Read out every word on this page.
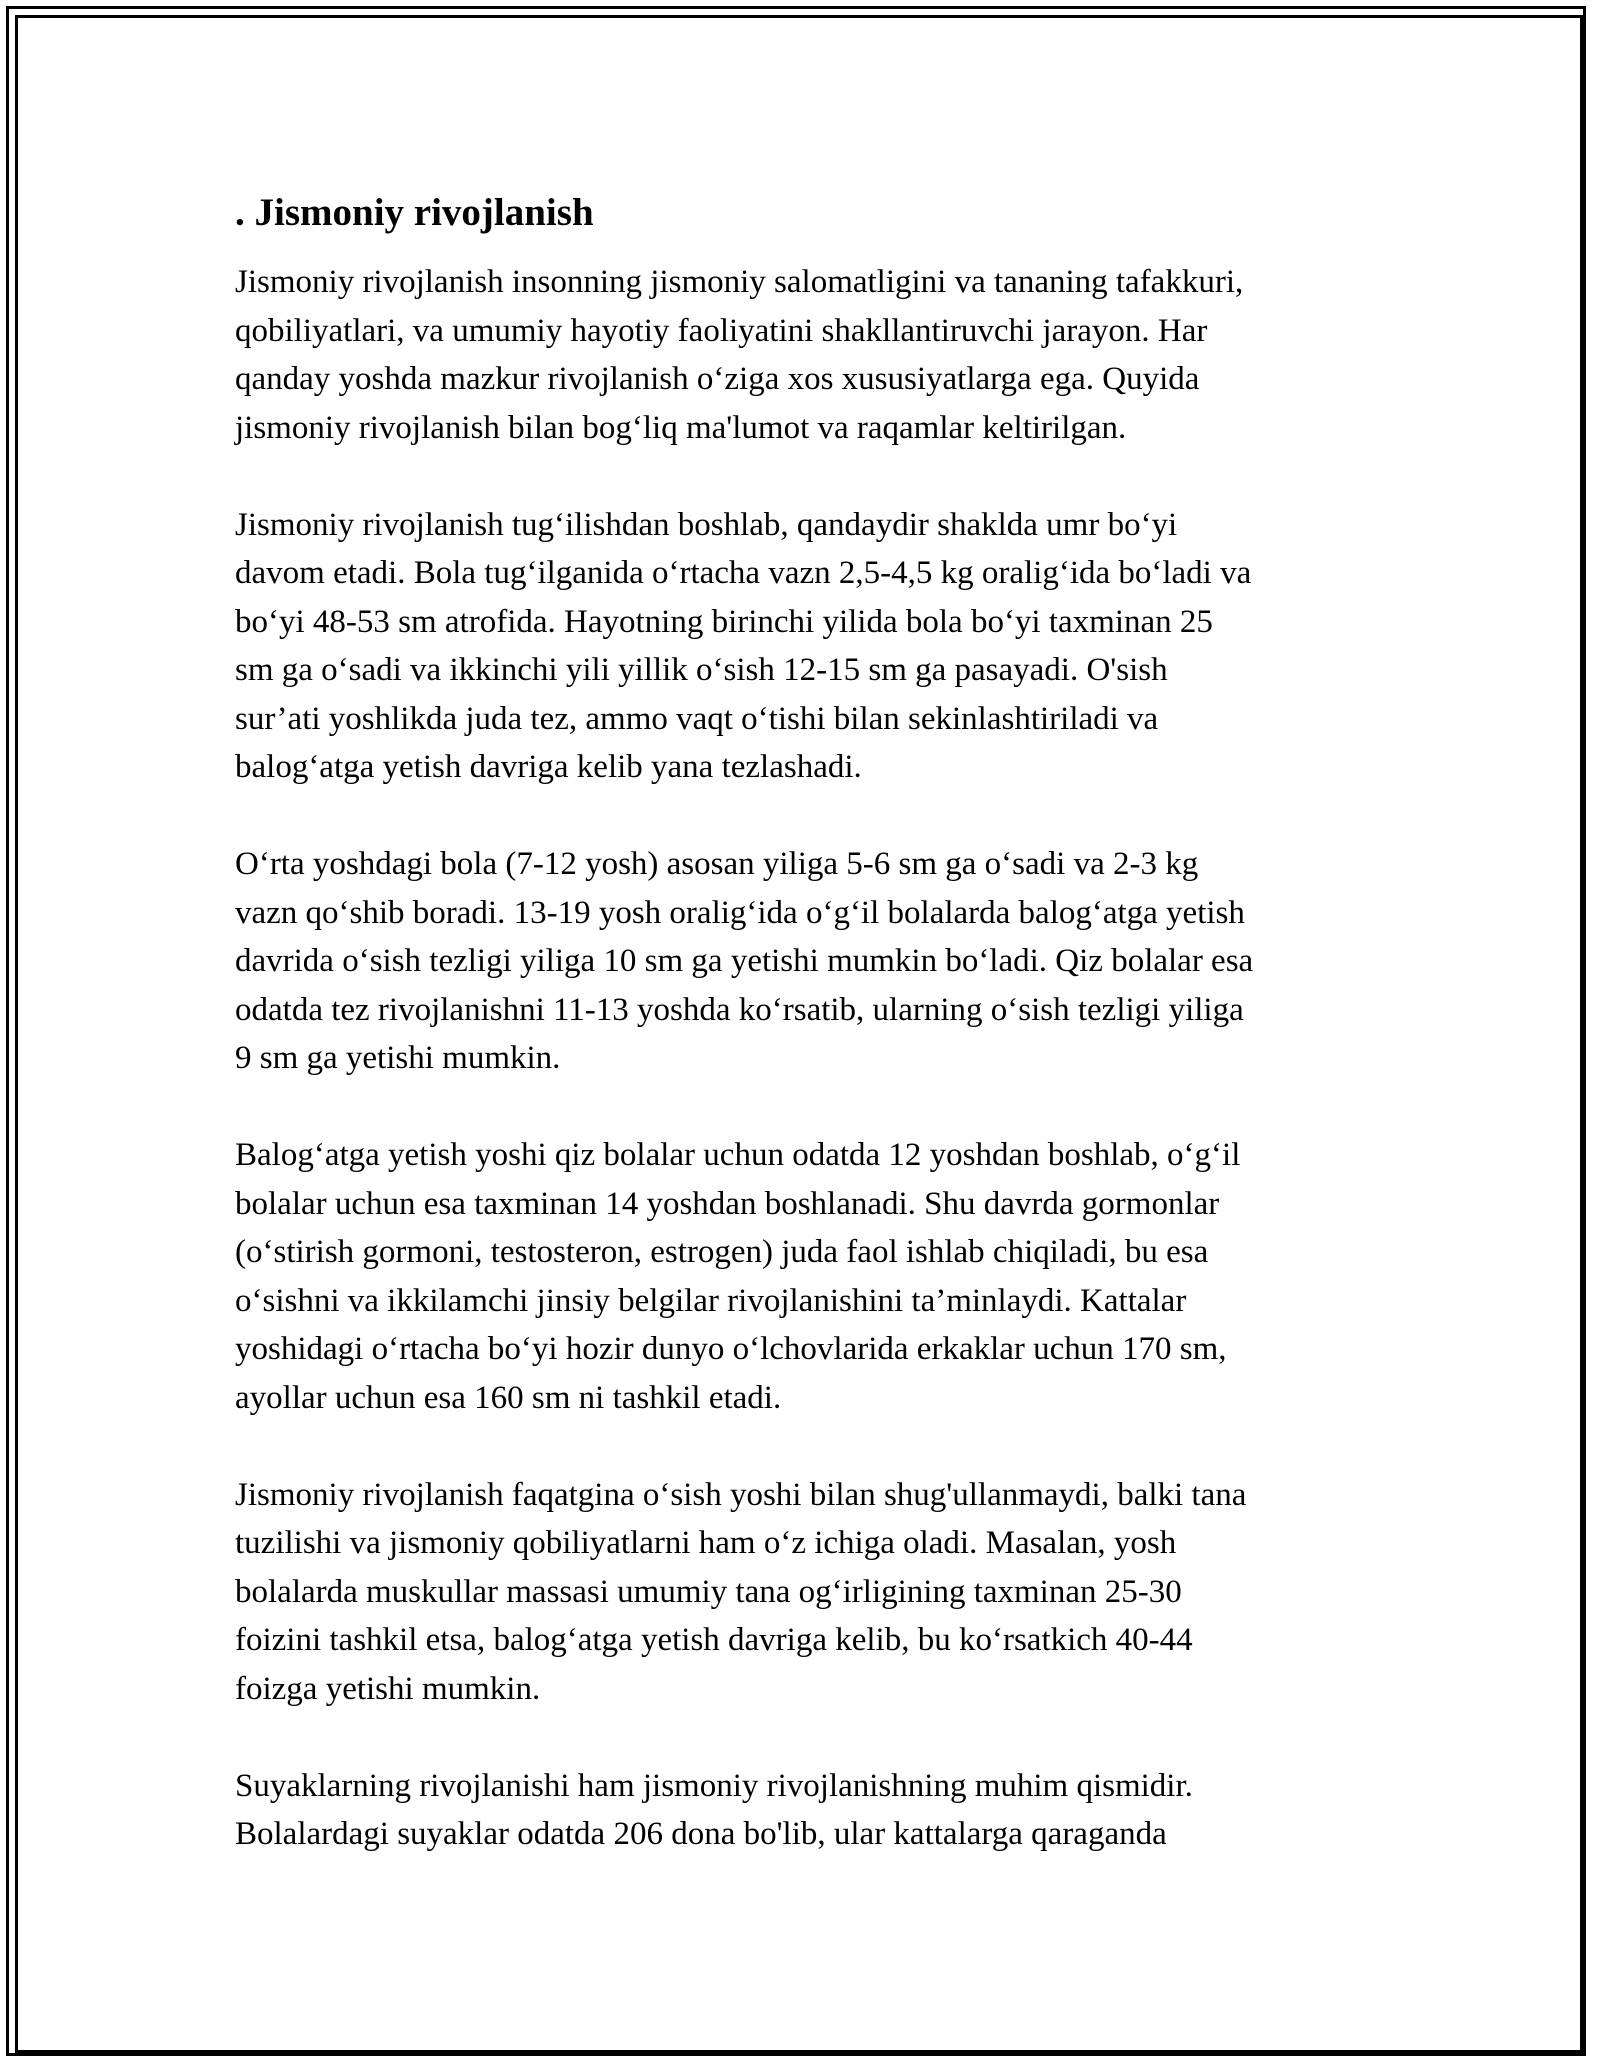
. Jismoniy rivojlanish
Jismoniy rivojlanish insonning jismoniy salomatligini va tananing tafakkuri,
qobiliyatlari, va umumiy hayotiy faoliyatini shakllantiruvchi jarayon. Har
qanday yoshda mazkur rivojlanish o‘ziga xos xususiyatlarga ega. Quyida
jismoniy rivojlanish bilan bog‘liq ma'lumot va raqamlar keltirilgan.
Jismoniy rivojlanish tug‘ilishdan boshlab, qandaydir shaklda umr bo‘yi
davom etadi. Bola tug‘ilganida o‘rtacha vazn 2,5-4,5 kg oralig‘ida bo‘ladi va
bo‘yi 48-53 sm atrofida. Hayotning birinchi yilida bola bo‘yi taxminan 25
sm ga o‘sadi va ikkinchi yili yillik o‘sish 12-15 sm ga pasayadi. O'sish
sur’ati yoshlikda juda tez, ammo vaqt o‘tishi bilan sekinlashtiriladi va
balog‘atga yetish davriga kelib yana tezlashadi.
O‘rta yoshdagi bola (7-12 yosh) asosan yiliga 5-6 sm ga o‘sadi va 2-3 kg
vazn qo‘shib boradi. 13-19 yosh oralig‘ida o‘g‘il bolalarda balog‘atga yetish
davrida o‘sish tezligi yiliga 10 sm ga yetishi mumkin bo‘ladi. Qiz bolalar esa
odatda tez rivojlanishni 11-13 yoshda ko‘rsatib, ularning o‘sish tezligi yiliga
9 sm ga yetishi mumkin.
Balog‘atga yetish yoshi qiz bolalar uchun odatda 12 yoshdan boshlab, o‘g‘il
bolalar uchun esa taxminan 14 yoshdan boshlanadi. Shu davrda gormonlar
(o‘stirish gormoni, testosteron, estrogen) juda faol ishlab chiqiladi, bu esa
o‘sishni va ikkilamchi jinsiy belgilar rivojlanishini ta’minlaydi. Kattalar
yoshidagi o‘rtacha bo‘yi hozir dunyo o‘lchovlarida erkaklar uchun 170 sm,
ayollar uchun esa 160 sm ni tashkil etadi.
Jismoniy rivojlanish faqatgina o‘sish yoshi bilan shug'ullanmaydi, balki tana
tuzilishi va jismoniy qobiliyatlarni ham o‘z ichiga oladi. Masalan, yosh
bolalarda muskullar massasi umumiy tana og‘irligining taxminan 25-30
foizini tashkil etsa, balog‘atga yetish davriga kelib, bu ko‘rsatkich 40-44
foizga yetishi mumkin.
Suyaklarning rivojlanishi ham jismoniy rivojlanishning muhim qismidir.
Bolalardagi suyaklar odatda 206 dona bo'lib, ular kattalarga qaraganda
